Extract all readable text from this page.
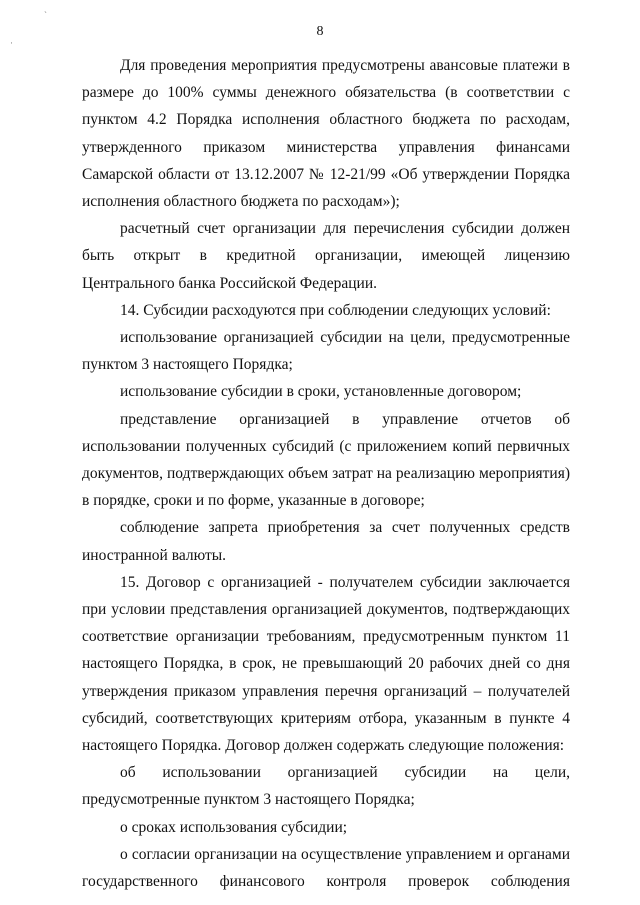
ˋ
·
8

Для проведения мероприятия предусмотрены авансовые платежи в размере до 100% суммы денежного обязательства (в соответствии с пунктом 4.2 Порядка исполнения областного бюджета по расходам, утвержденного приказом министерства управления финансами Самарской области от 13.12.2007 № 12-21/99 «Об утверждении Порядка исполнения областного бюджета по расходам»);

расчетный счет организации для перечисления субсидии должен быть открыт в кредитной организации, имеющей лицензию Центрального банка Российской Федерации.

14. Субсидии расходуются при соблюдении следующих условий:

использование организацией субсидии на цели, предусмотренные пунктом 3 настоящего Порядка;

использование субсидии в сроки, установленные договором;

представление организацией в управление отчетов об использовании полученных субсидий (с приложением копий первичных документов, подтверждающих объем затрат на реализацию мероприятия) в порядке, сроки и по форме, указанные в договоре;

соблюдение запрета приобретения за счет полученных средств иностранной валюты.

15. Договор с организацией - получателем субсидии заключается при условии представления организацией документов, подтверждающих соответствие организации требованиям, предусмотренным пунктом 11 настоящего Порядка, в срок, не превышающий 20 рабочих дней со дня утверждения приказом управления перечня организаций – получателей субсидий, соответствующих критериям отбора, указанным в пункте 4 настоящего Порядка. Договор должен содержать следующие положения:

об использовании организацией субсидии на цели, предусмотренные пунктом 3 настоящего Порядка;

о сроках использования субсидии;

о согласии организации на осуществление управлением и органами государственного финансового контроля проверок соблюдения
